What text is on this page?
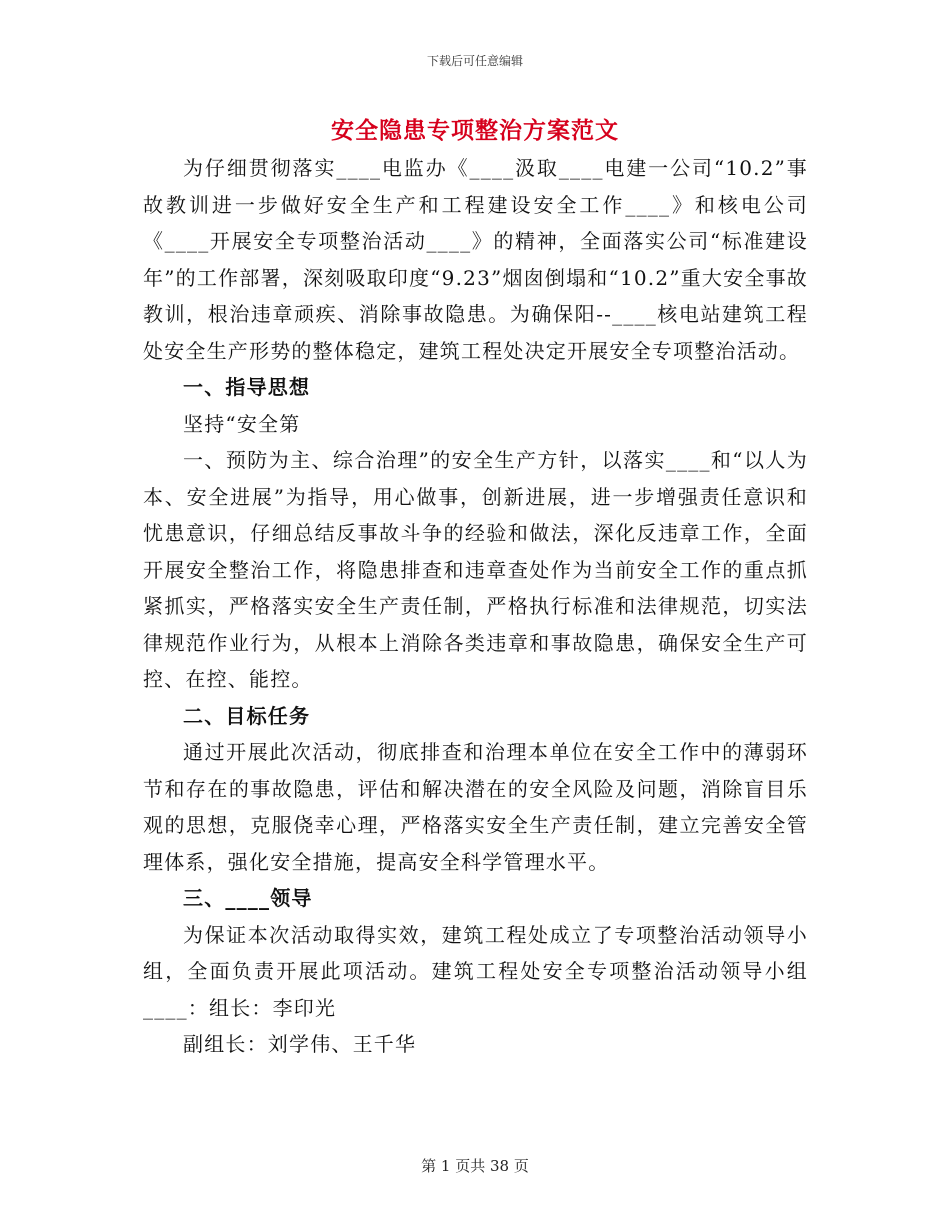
下载后可任意编辑
安全隐患专项整治方案范文

为仔细贯彻落实____电监办《____汲取____电建一公司“10.2”事故教训进一步做好安全生产和工程建设安全工作____》和核电公司《____开展安全专项整治活动____》的精神，全面落实公司“标准建设年”的工作部署，深刻吸取印度“9.23”烟囱倒塌和“10.2”重大安全事故教训，根治违章顽疾、消除事故隐患。为确保阳--____核电站建筑工程处安全生产形势的整体稳定，建筑工程处决定开展安全专项整治活动。

一、指导思想

坚持“安全第

一、预防为主、综合治理”的安全生产方针，以落实____和“以人为本、安全进展”为指导，用心做事，创新进展，进一步增强责任意识和忧患意识，仔细总结反事故斗争的经验和做法，深化反违章工作，全面开展安全整治工作，将隐患排查和违章查处作为当前安全工作的重点抓紧抓实，严格落实安全生产责任制，严格执行标准和法律规范，切实法律规范作业行为，从根本上消除各类违章和事故隐患，确保安全生产可控、在控、能控。

二、目标任务

通过开展此次活动，彻底排查和治理本单位在安全工作中的薄弱环节和存在的事故隐患，评估和解决潜在的安全风险及问题，消除盲目乐观的思想，克服侥幸心理，严格落实安全生产责任制，建立完善安全管理体系，强化安全措施，提高安全科学管理水平。

三、____领导

为保证本次活动取得实效，建筑工程处成立了专项整治活动领导小组，全面负责开展此项活动。建筑工程处安全专项整治活动领导小组____：组长：李印光

副组长：刘学伟、王千华

第 1 页共 38 页
